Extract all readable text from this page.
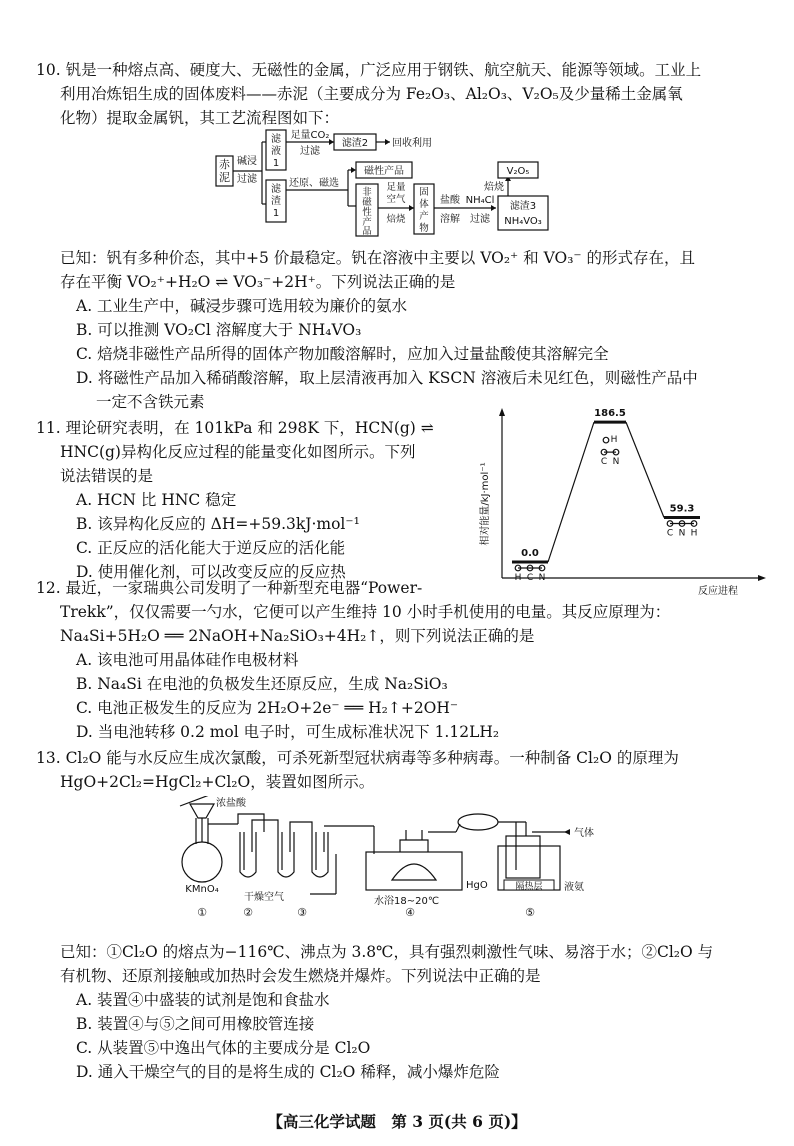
10. 钒是一种熔点高、硬度大、无磁性的金属，广泛应用于钢铁、航空航天、能源等领域。工业上
利用冶炼铝生成的固体废料——赤泥（主要成分为 Fe₂O₃、Al₂O₃、V₂O₅及少量稀土金属氧
化物）提取金属钒，其工艺流程图如下：
赤
泥
碱浸
过滤
滤
液
1
足量CO₂
过滤
滤渣2 回收利用
滤
渣
1
还原、磁选
磁性产品
非
磁
性
产
品
足量
空气
焙烧
固
体
产
物
盐酸
溶解
NH₄Cl
过滤
滤渣3
NH₄VO₃
焙烧
V₂O₅
已知：钒有多种价态，其中+5 价最稳定。钒在溶液中主要以 VO₂⁺ 和 VO₃⁻ 的形式存在，且
存在平衡 VO₂⁺+H₂O ⇌ VO₃⁻+2H⁺。下列说法正确的是
A. 工业生产中，碱浸步骤可选用较为廉价的氨水
B. 可以推测 VO₂Cl 溶解度大于 NH₄VO₃
C. 焙烧非磁性产品所得的固体产物加酸溶解时，应加入过量盐酸使其溶解完全
D. 将磁性产品加入稀硝酸溶解，取上层清液再加入 KSCN 溶液后未见红色，则磁性产品中
一定不含铁元素
11. 理论研究表明，在 101kPa 和 298K 下，HCN(g) ⇌
HNC(g)异构化反应过程的能量变化如图所示。下列
说法错误的是
A. HCN 比 HNC 稳定
B. 该异构化反应的 ΔH=+59.3kJ·mol⁻¹
C. 正反应的活化能大于逆反应的活化能
D. 使用催化剂，可以改变反应的反应热
相对能量/kJ·mol⁻¹
反应进程
0.0
186.5
59.3
H C N
C N H
C N
H
12. 最近，一家瑞典公司发明了一种新型充电器“Power-
Trekk”，仅仅需要一勺水，它便可以产生维持 10 小时手机使用的电量。其反应原理为：
Na₄Si+5H₂O ══ 2NaOH+Na₂SiO₃+4H₂↑，则下列说法正确的是
A. 该电池可用晶体硅作电极材料
B. Na₄Si 在电池的负极发生还原反应，生成 Na₂SiO₃
C. 电池正极发生的反应为 2H₂O+2e⁻ ══ H₂↑+2OH⁻
D. 当电池转移 0.2 mol 电子时，可生成标准状况下 1.12LH₂
13. Cl₂O 能与水反应生成次氯酸，可杀死新型冠状病毒等多种病毒。一种制备 Cl₂O 的原理为
HgO+2Cl₂=HgCl₂+Cl₂O，装置如图所示。
浓盐酸
KMnO₄
①	②	③
干燥空气
HgO
水浴18~20℃
④
气体
隔热层 液氨
⑤
已知：①Cl₂O 的熔点为−116℃、沸点为 3.8℃，具有强烈刺激性气味、易溶于水；②Cl₂O 与
有机物、还原剂接触或加热时会发生燃烧并爆炸。下列说法中正确的是
A. 装置④中盛装的试剂是饱和食盐水
B. 装置④与⑤之间可用橡胶管连接
C. 从装置⑤中逸出气体的主要成分是 Cl₂O
D. 通入干燥空气的目的是将生成的 Cl₂O 稀释，减小爆炸危险
【高三化学试题　第 3 页(共 6 页)】
